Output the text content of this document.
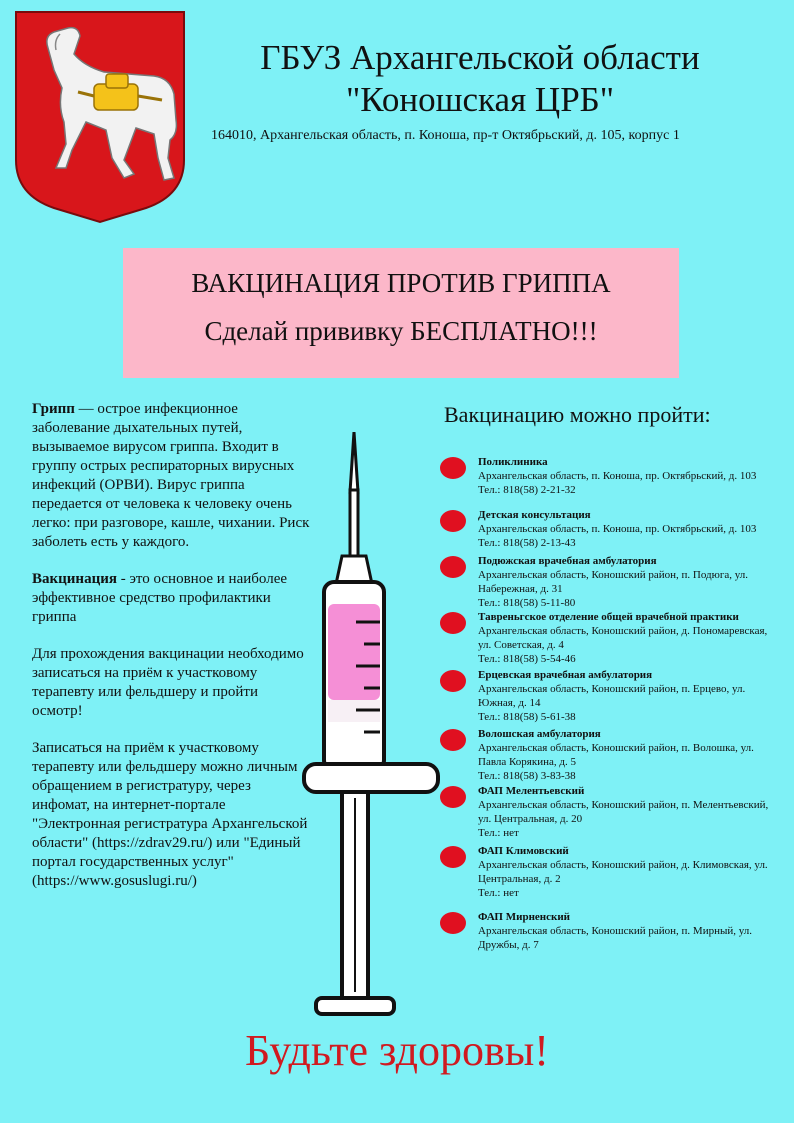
ГБУЗ Архангельской области
"Коношская ЦРБ"
164010, Архангельская область, п. Коноша, пр-т Октябрьский, д. 105, корпус 1
ВАКЦИНАЦИЯ ПРОТИВ ГРИППА
Сделай прививку БЕСПЛАТНО!!!

Грипп — острое инфекционное заболевание дыхательных путей, вызываемое вирусом гриппа. Входит в группу острых респираторных вирусных инфекций (ОРВИ). Вирус гриппа передается от человека к человеку очень легко: при разговоре, кашле, чихании. Риск заболеть есть у каждого.

Вакцинация - это основное и наиболее эффективное средство профилактики гриппа

Для прохождения вакцинации необходимо записаться на приём к участковому терапевту или фельдшеру и пройти осмотр!

Записаться на приём к участковому терапевту или фельдшеру можно личным обращением в регистратуру, через инфомат, на интернет-портале "Электронная регистратура Архангельской области" (https://zdrav29.ru/) или "Единый портал государственных услуг" (https://www.gosuslugi.ru/)

Вакцинацию можно пройти:
Поликлиника
Архангельская область, п. Коноша, пр. Октябрьский, д. 103
Тел.: 818(58) 2-21-32
Детская консультация
Архангельская область, п. Коноша, пр. Октябрьский, д. 103
Тел.: 818(58) 2-13-43
Подюжская врачебная амбулатория
Архангельская область, Коношский район, п. Подюга, ул. Набережная, д. 31
Тел.: 818(58) 5-11-80
Тавреньгское отделение общей врачебной практики
Архангельская область, Коношский район, д. Пономаревская, ул. Советская, д. 4
Тел.: 818(58) 5-54-46
Ерцевская врачебная амбулатория
Архангельская область, Коношский район, п. Ерцево, ул. Южная, д. 14
Тел.: 818(58) 5-61-38
Волошская амбулатория
Архангельская область, Коношский район, п. Волошка, ул. Павла Корякина, д. 5
Тел.: 818(58) 3-83-38
ФАП Мелентьевский
Архангельская область, Коношский район, п. Мелентьевский, ул. Центральная, д. 20
Тел.: нет
ФАП Климовский
Архангельская область, Коношский район, д. Климовская, ул. Центральная, д. 2
Тел.: нет
ФАП Мирненский
Архангельская область, Коношский район, п. Мирный, ул. Дружбы, д. 7
Будьте здоровы!
